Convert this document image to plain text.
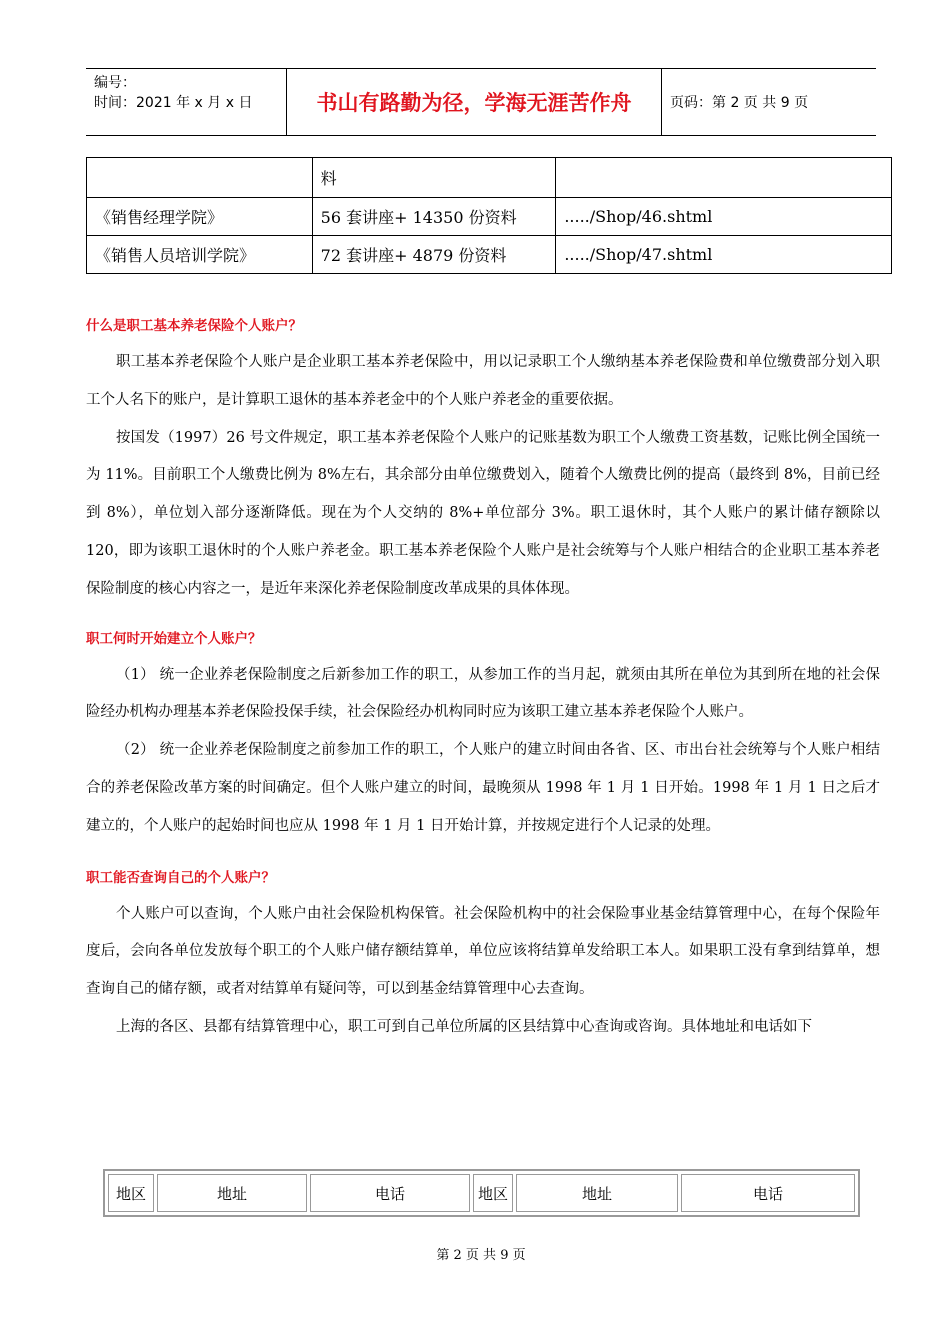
编号：
时间：2021 年 x 月 x 日	书山有路勤为径，学海无涯苦作舟	页码：第 2 页 共 9 页
	料	
《销售经理学院》	56 套讲座+ 14350 份资料	...../Shop/46.shtml
《销售人员培训学院》	72 套讲座+ 4879 份资料	...../Shop/47.shtml
什么是职工基本养老保险个人账户？

职工基本养老保险个人账户是企业职工基本养老保险中，用以记录职工个人缴纳基本养老保险费和单位缴费部分划入职工个人名下的账户，是计算职工退休的基本养老金中的个人账户养老金的重要依据。

按国发（1997）26 号文件规定，职工基本养老保险个人账户的记账基数为职工个人缴费工资基数，记账比例全国统一为 11%。目前职工个人缴费比例为 8%左右，其余部分由单位缴费划入，随着个人缴费比例的提高（最终到 8%，目前已经到 8%），单位划入部分逐渐降低。现在为个人交纳的 8%+单位部分 3%。职工退休时，其个人账户的累计储存额除以 120，即为该职工退休时的个人账户养老金。职工基本养老保险个人账户是社会统筹与个人账户相结合的企业职工基本养老保险制度的核心内容之一，是近年来深化养老保险制度改革成果的具体体现。

职工何时开始建立个人账户？

（1） 统一企业养老保险制度之后新参加工作的职工，从参加工作的当月起，就须由其所在单位为其到所在地的社会保险经办机构办理基本养老保险投保手续，社会保险经办机构同时应为该职工建立基本养老保险个人账户。

（2） 统一企业养老保险制度之前参加工作的职工，个人账户的建立时间由各省、区、市出台社会统筹与个人账户相结合的养老保险改革方案的时间确定。但个人账户建立的时间，最晚须从 1998 年 1 月 1 日开始。1998 年 1 月 1 日之后才建立的，个人账户的起始时间也应从 1998 年 1 月 1 日开始计算，并按规定进行个人记录的处理。

职工能否查询自己的个人账户？

个人账户可以查询，个人账户由社会保险机构保管。社会保险机构中的社会保险事业基金结算管理中心，在每个保险年度后，会向各单位发放每个职工的个人账户储存额结算单，单位应该将结算单发给职工本人。如果职工没有拿到结算单，想查询自己的储存额，或者对结算单有疑问等，可以到基金结算管理中心去查询。

上海的各区、县都有结算管理中心，职工可到自己单位所属的区县结算中心查询或咨询。具体地址和电话如下

地区	地址	电话	地区	地址	电话
第 2 页 共 9 页
